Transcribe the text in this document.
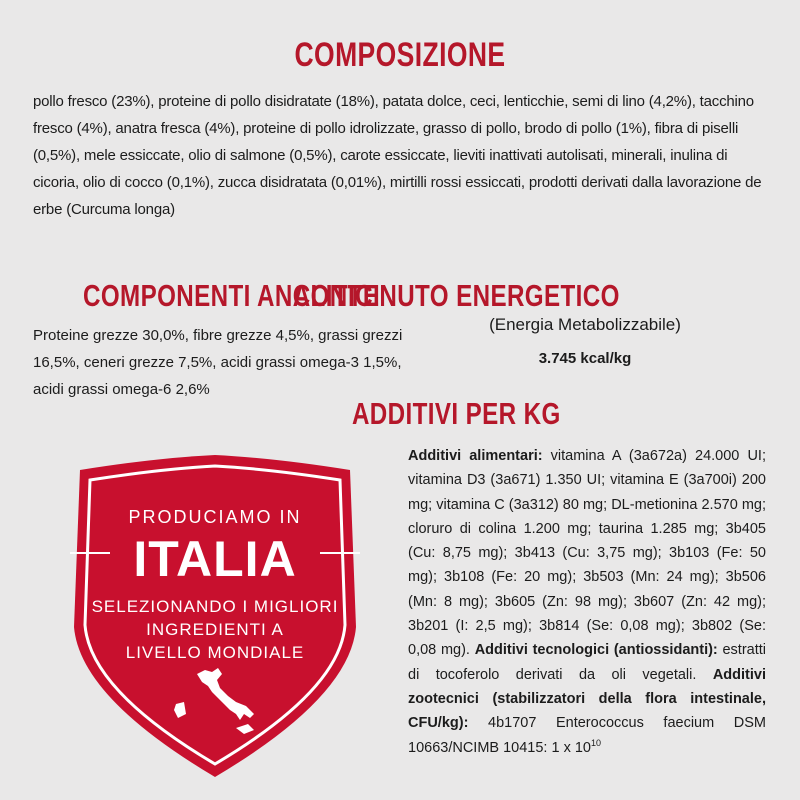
COMPOSIZIONE
pollo fresco (23%), proteine di pollo disidratate (18%), patata dolce, ceci, lenticchie, semi di lino (4,2%), tacchino fresco (4%), anatra fresca (4%), proteine di pollo idrolizzate, grasso di pollo, brodo di pollo (1%), fibra di piselli (0,5%), mele essiccate, olio di salmone (0,5%), carote essiccate, lieviti inattivati autolisati, minerali, inulina di cicoria, olio di cocco (0,1%), zucca disidratata (0,01%), mirtilli rossi essiccati, prodotti derivati dalla lavorazione de erbe (Curcuma longa)
COMPONENTI ANALITICI
Proteine grezze 30,0%, fibre grezze 4,5%, grassi grezzi 16,5%, ceneri grezze 7,5%, acidi grassi omega-3 1,5%, acidi grassi omega-6 2,6%
CONTENUTO ENERGETICO
(Energia Metabolizzabile)
3.745 kcal/kg
ADDITIVI PER KG
Additivi alimentari: vitamina A (3a672a) 24.000 UI; vitamina D3 (3a671) 1.350 UI; vitamina E (3a700i) 200 mg; vitamina C (3a312) 80 mg; DL-metionina 2.570 mg; cloruro di colina 1.200 mg; taurina 1.285 mg; 3b405 (Cu: 8,75 mg); 3b413 (Cu: 3,75 mg); 3b103 (Fe: 50 mg); 3b108 (Fe: 20 mg); 3b503 (Mn: 24 mg); 3b506 (Mn: 8 mg); 3b605 (Zn: 98 mg); 3b607 (Zn: 42 mg); 3b201 (I: 2,5 mg); 3b814 (Se: 0,08 mg); 3b802 (Se: 0,08 mg). Additivi tecnologici (antiossidanti): estratti di tocoferolo derivati da oli vegetali. Additivi zootecnici (stabilizzatori della flora intestinale, CFU/kg): 4b1707 Enterococcus faecium DSM 10663/NCIMB 10415: 1 x $10^{10}$
PRODUCIAMO IN
ITALIA
SELEZIONANDO I MIGLIORI
INGREDIENTI A
LIVELLO MONDIALE
